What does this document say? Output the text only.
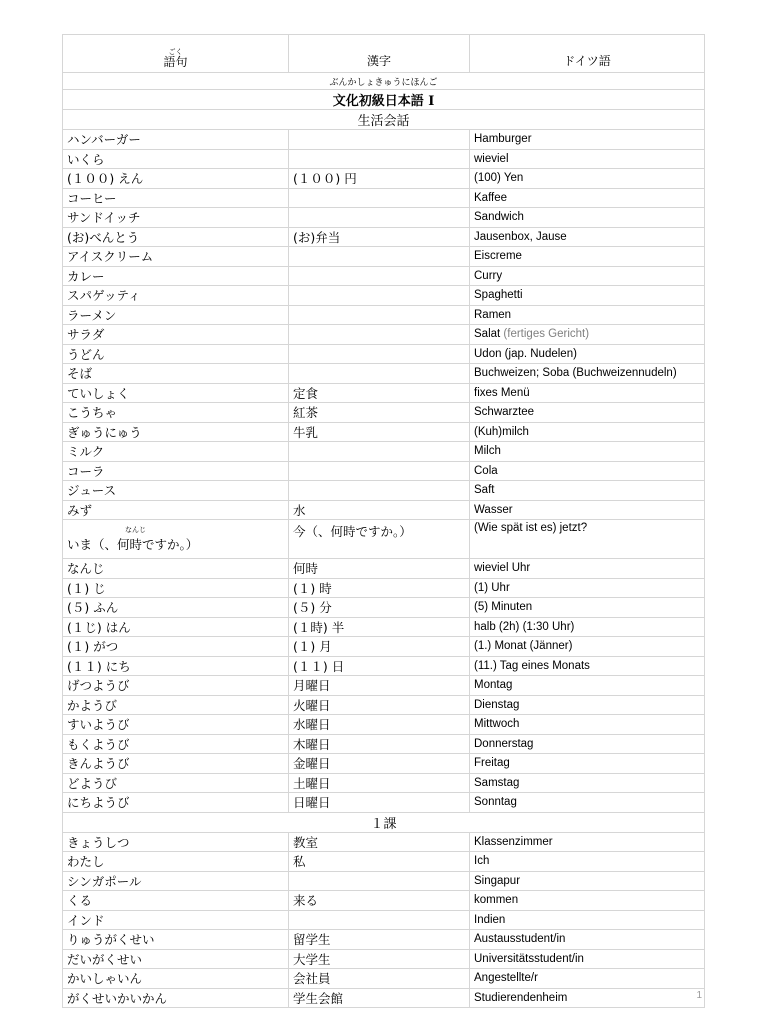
ごく
語句	漢字	ドイツ語
ぶんかしょきゅうにほんご		
文化初級日本語 I		
生活会話		
ハンバーガー		Hamburger
いくら		wieviel
(１００) えん	(１００) 円	(100) Yen
コーヒー		Kaffee
サンドイッチ		Sandwich
(お)べんとう	(お)弁当	Jausenbox, Jause
アイスクリーム		Eiscreme
カレー		Curry
スパゲッティ		Spaghetti
ラーメン		Ramen
サラダ		Salat (fertiges Gericht)
うどん		Udon (jap. Nudelen)
そば		Buchweizen; Soba (Buchweizennudeln)
ていしょく	定食	fixes Menü
こうちゃ	紅茶	Schwarztee
ぎゅうにゅう	牛乳	(Kuh)milch
ミルク		Milch
コーラ		Cola
ジュース		Saft
みず	水	Wasser

なんじ
いま（、何時ですか。）	今（、何時ですか。）	(Wie spät ist es) jetzt?
なんじ	何時	wieviel Uhr
(１) じ	(１) 時	(1) Uhr
(５) ふん	(５) 分	(5) Minuten
(１じ) はん	(１時) 半	halb (2h) (1:30 Uhr)
(１) がつ	(１) 月	(1.) Monat (Jänner)
(１１) にち	(１１) 日	(11.) Tag eines Monats
げつようび	月曜日	Montag
かようび	火曜日	Dienstag
すいようび	水曜日	Mittwoch
もくようび	木曜日	Donnerstag
きんようび	金曜日	Freitag
どようび	土曜日	Samstag
にちようび	日曜日	Sonntag
１課		
きょうしつ	教室	Klassenzimmer
わたし	私	Ich
シンガポール		Singapur
くる	来る	kommen
インド		Indien
りゅうがくせい	留学生	Austausstudent/in
だいがくせい	大学生	Universitätsstudent/in
かいしゃいん	会社員	Angestellte/r
がくせいかいかん	学生会館	Studierendenheim	1
